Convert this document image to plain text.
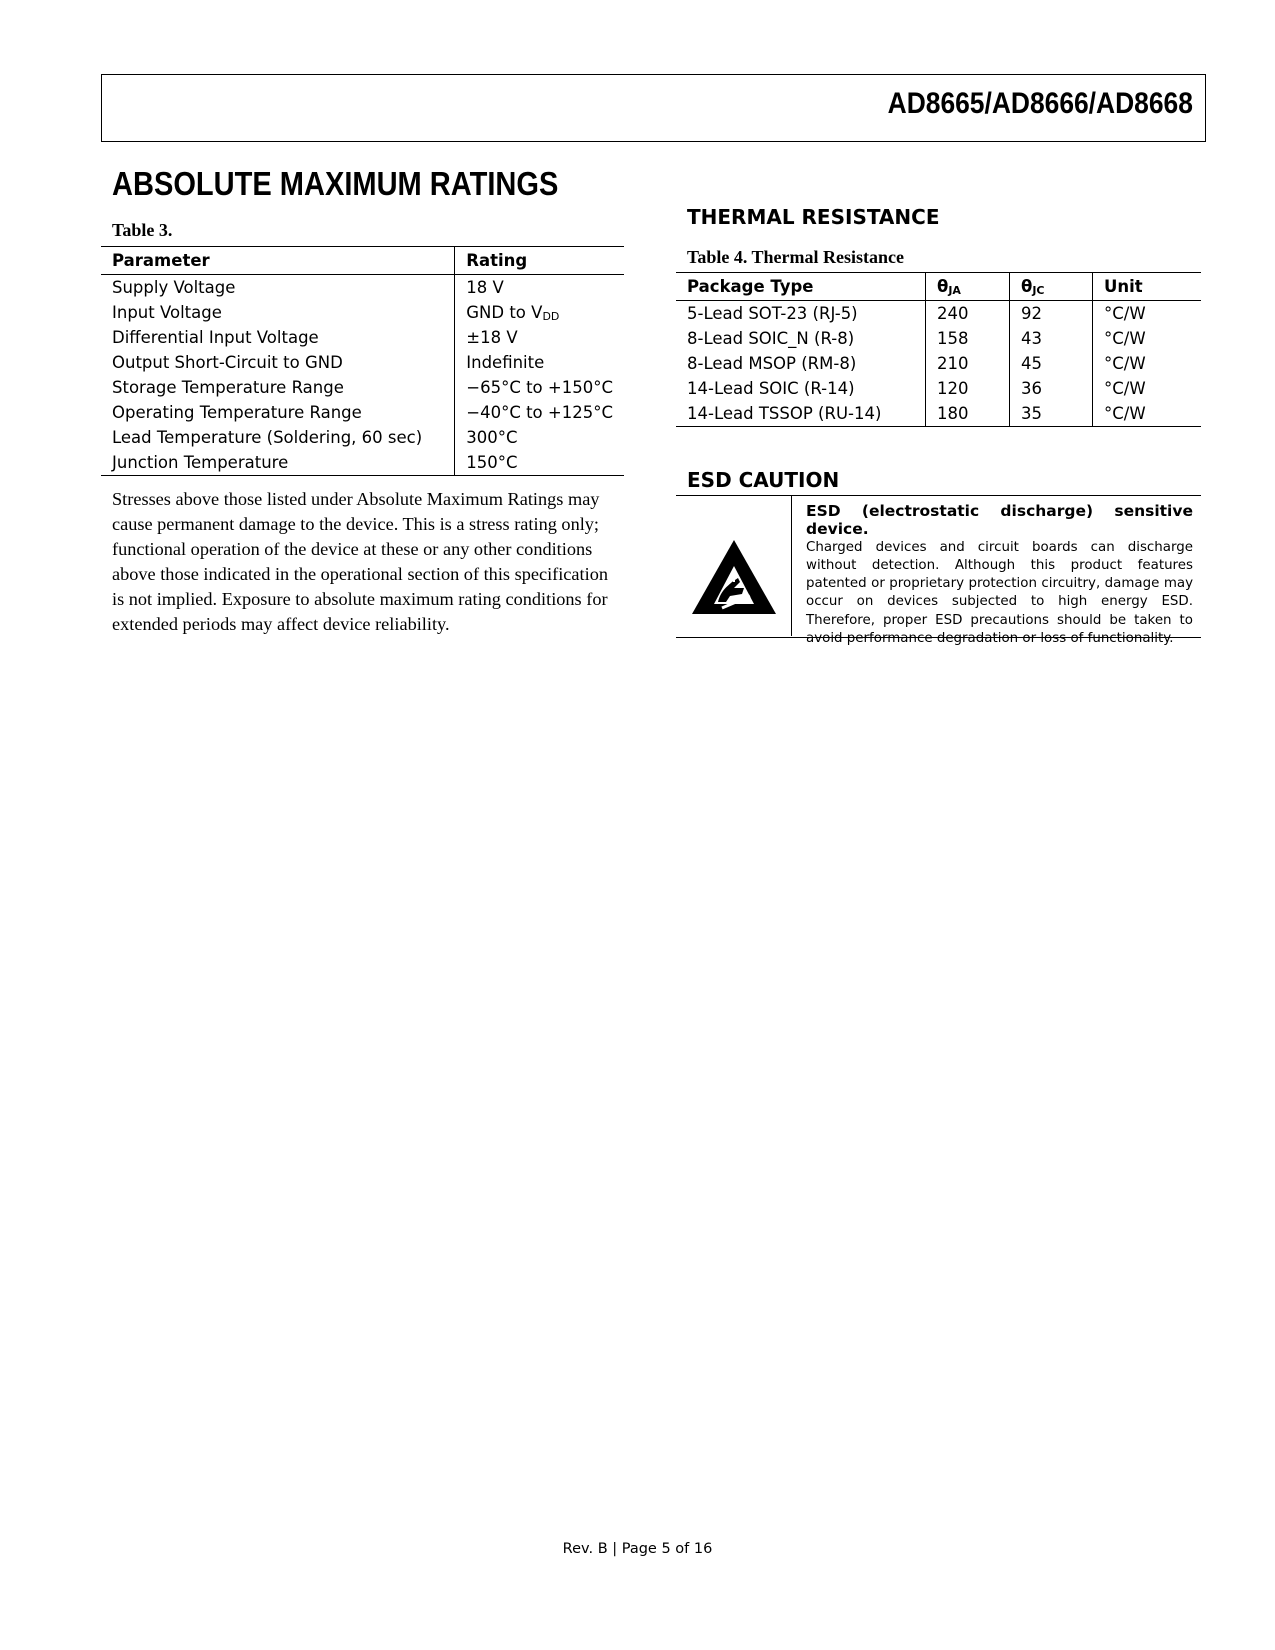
AD8665/AD8666/AD8668
ABSOLUTE MAXIMUM RATINGS
Table 3.
Parameter	Rating
Supply Voltage	18 V
Input Voltage	GND to $V_{DD}$
Differential Input Voltage	±18 V
Output Short-Circuit to GND	Indefinite
Storage Temperature Range	−65°C to +150°C
Operating Temperature Range	−40°C to +125°C
Lead Temperature (Soldering, 60 sec)	300°C
Junction Temperature	150°C

Stresses above those listed under Absolute Maximum Ratings may cause permanent damage to the device. This is a stress rating only; functional operation of the device at these or any other conditions above those indicated in the operational section of this specification is not implied. Exposure to absolute maximum rating conditions for extended periods may affect device reliability.

THERMAL RESISTANCE
Table 4. Thermal Resistance
Package Type	$\theta_{JA}$	$\theta_{JC}$	Unit
5-Lead SOT-23 (RJ-5)	240	92	°C/W
8-Lead SOIC_N (R-8)	158	43	°C/W
8-Lead MSOP (RM-8)	210	45	°C/W
14-Lead SOIC (R-14)	120	36	°C/W
14-Lead TSSOP (RU-14)	180	35	°C/W
ESD CAUTION
ESD (electrostatic discharge) sensitive device.
Charged devices and circuit boards can discharge without detection. Although this product features patented or proprietary protection circuitry, damage may occur on devices subjected to high energy ESD. Therefore, proper ESD precautions should be taken to avoid performance degradation or loss of functionality.
Rev. B | Page 5 of 16
